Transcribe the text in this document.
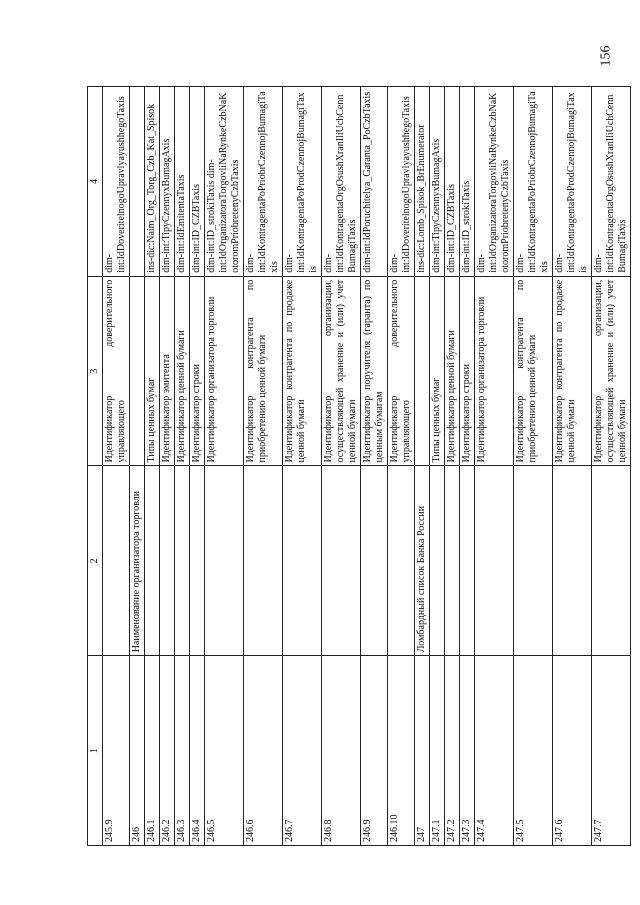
1	2	3	4
245.9		Идентификатор доверительного управляющего	dim-int:IdDoveritelnogoUpravlyayushhegoTaxis
246	Наименование организатора торговли		
246.1		Типы ценных бумаг	ins-dic:Naim_Org_Torg_Czb_Kat_Spisok
246.2		Идентификатор эмитента	dim-int:TipyCzennyxBumagAxis
246.3		Идентификатор ценной бумаги	dim-int:IdEmitentaTaxis
246.4		Идентификатор строки	dim-int:ID_CZBTaxis
246.5		Идентификатор организатора торговли	dim-int:ID_strokiTaxis dim-int:IdOrganizatoraTorgovliNaRynkeCzbNaKotoromPriobretenyCzbTaxis
246.6		Идентификатор контрагента по приобретению ценной бумаги	dim-int:IdKontragentaPoPriobrCzennojBumagiTaxis
246.7		Идентификатор контрагента по продаже ценной бумаги	dim-int:IdKontragentaPoProdCzennojBumagiTaxis
246.8		Идентификатор организации, осуществляющей хранение и (или) учет ценной бумаги	dim-int:IdKontragentaOrgOsushXranIliUchCennBumagiTaxis
246.9		Идентификатор поручителя (гаранта) по ценным бумагам	dim-int:IdPoruchitelya_Garanta_PoCzbTaxis
246.10		Идентификатор доверительного управляющего	dim-int:IdDoveritelnogoUpravlyayushhegoTaxis
247	Ломбардный список Банка России		ins-dic:Lomb_Spisok_BrEnumerator
247.1		Типы ценных бумаг	dim-int:TipyCzennyxBumagAxis
247.2		Идентификатор ценной бумаги	dim-int:ID_CZBTaxis
247.3		Идентификатор строки	dim-int:ID_strokiTaxis
247.4		Идентификатор организатора торговли	dim-int:IdOrganizatoraTorgovliNaRynkeCzbNaKotoromPriobretenyCzbTaxis
247.5		Идентификатор контрагента по приобретению ценной бумаги	dim-int:IdKontragentaPoPriobrCzennojBumagiTaxis
247.6		Идентификатор контрагента по продаже ценной бумаги	dim-int:IdKontragentaPoProdCzennojBumagiTaxis
247.7		Идентификатор организации, осуществляющей хранение и (или) учет ценной бумаги	dim-int:IdKontragentaOrgOsushXranIliUchCennBumagiTaxis
156
